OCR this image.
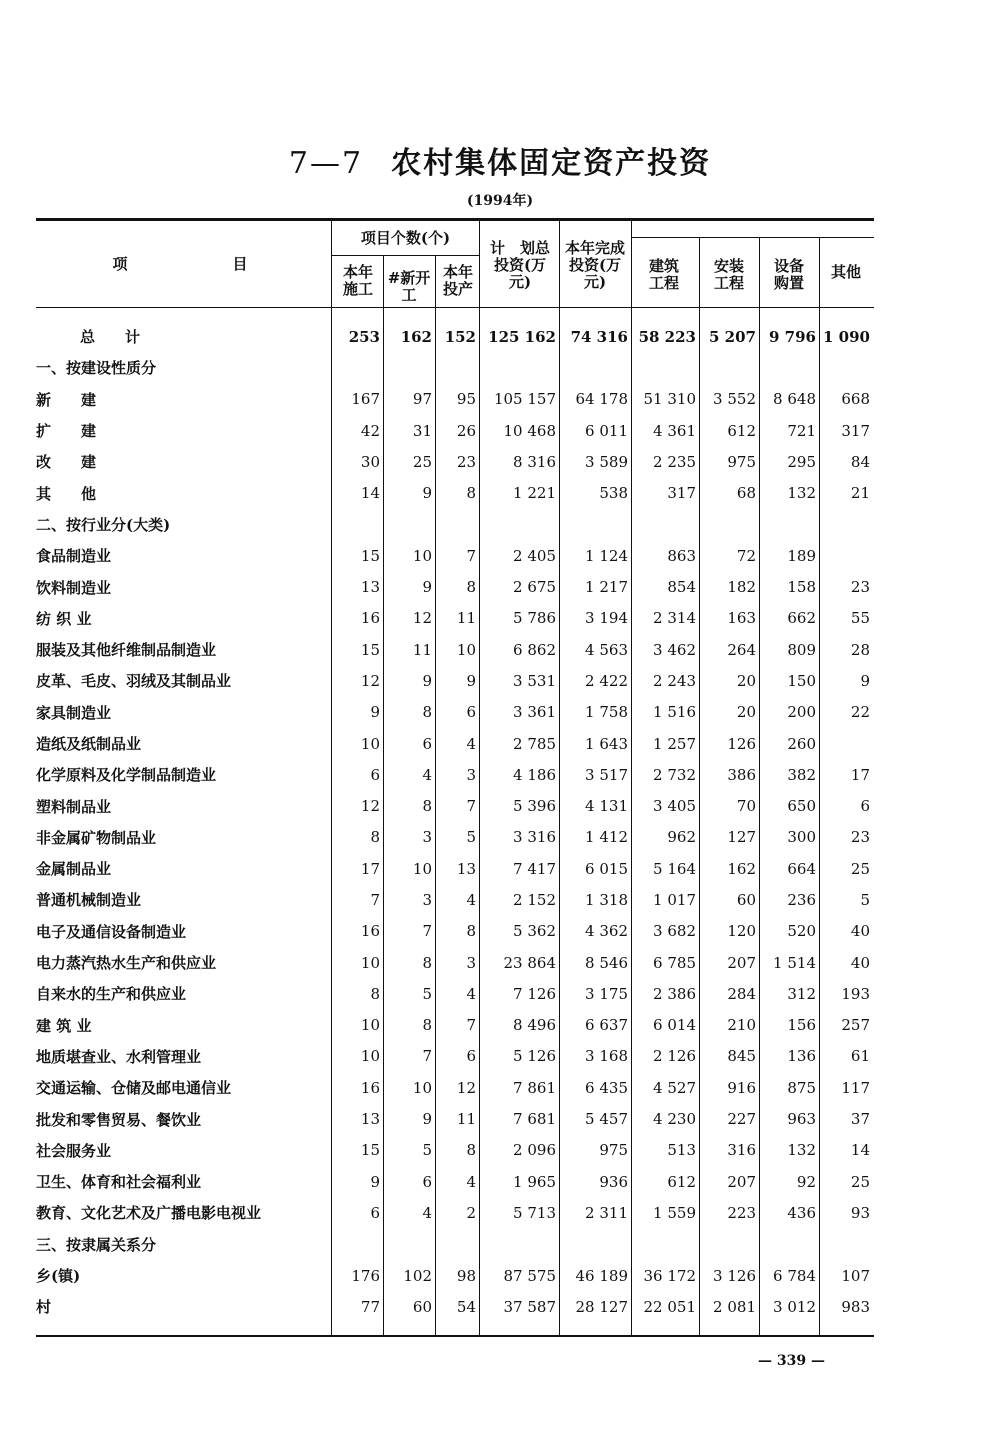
7—7 农村集体固定资产投资
(1994年)
项　　　　　　　目
项目个数(个)
本年施工
#新开工
本年投产
计　划总投资(万元)
本年完成投资(万元)
建筑工程
安装工程
设备购置
其他
总计	253	162	152	125 162	74 316	58 223	5 207	9 796	1 090
一、按建设性质分									
新　　建	167	97	95	105 157	64 178	51 310	3 552	8 648	668
扩　　建	42	31	26	10 468	6 011	4 361	612	721	317
改　　建	30	25	23	8 316	3 589	2 235	975	295	84
其　　他	14	9	8	1 221	538	317	68	132	21
二、按行业分(大类)									
食品制造业	15	10	7	2 405	1 124	863	72	189	
饮料制造业	13	9	8	2 675	1 217	854	182	158	23
纺 织 业	16	12	11	5 786	3 194	2 314	163	662	55
服装及其他纤维制品制造业	15	11	10	6 862	4 563	3 462	264	809	28
皮革、毛皮、羽绒及其制品业	12	9	9	3 531	2 422	2 243	20	150	9
家具制造业	9	8	6	3 361	1 758	1 516	20	200	22
造纸及纸制品业	10	6	4	2 785	1 643	1 257	126	260	
化学原料及化学制品制造业	6	4	3	4 186	3 517	2 732	386	382	17
塑料制品业	12	8	7	5 396	4 131	3 405	70	650	6
非金属矿物制品业	8	3	5	3 316	1 412	962	127	300	23
金属制品业	17	10	13	7 417	6 015	5 164	162	664	25
普通机械制造业	7	3	4	2 152	1 318	1 017	60	236	5
电子及通信设备制造业	16	7	8	5 362	4 362	3 682	120	520	40
电力蒸汽热水生产和供应业	10	8	3	23 864	8 546	6 785	207	1 514	40
自来水的生产和供应业	8	5	4	7 126	3 175	2 386	284	312	193
建 筑 业	10	8	7	8 496	6 637	6 014	210	156	257
地质堪查业、水利管理业	10	7	6	5 126	3 168	2 126	845	136	61
交通运输、仓储及邮电通信业	16	10	12	7 861	6 435	4 527	916	875	117
批发和零售贸易、餐饮业	13	9	11	7 681	5 457	4 230	227	963	37
社会服务业	15	5	8	2 096	975	513	316	132	14
卫生、体育和社会福利业	9	6	4	1 965	936	612	207	92	25
教育、文化艺术及广播电影电视业	6	4	2	5 713	2 311	1 559	223	436	93
三、按隶属关系分									
乡(镇)	176	102	98	87 575	46 189	36 172	3 126	6 784	107
村	77	60	54	37 587	28 127	22 051	2 081	3 012	983
— 339 —
